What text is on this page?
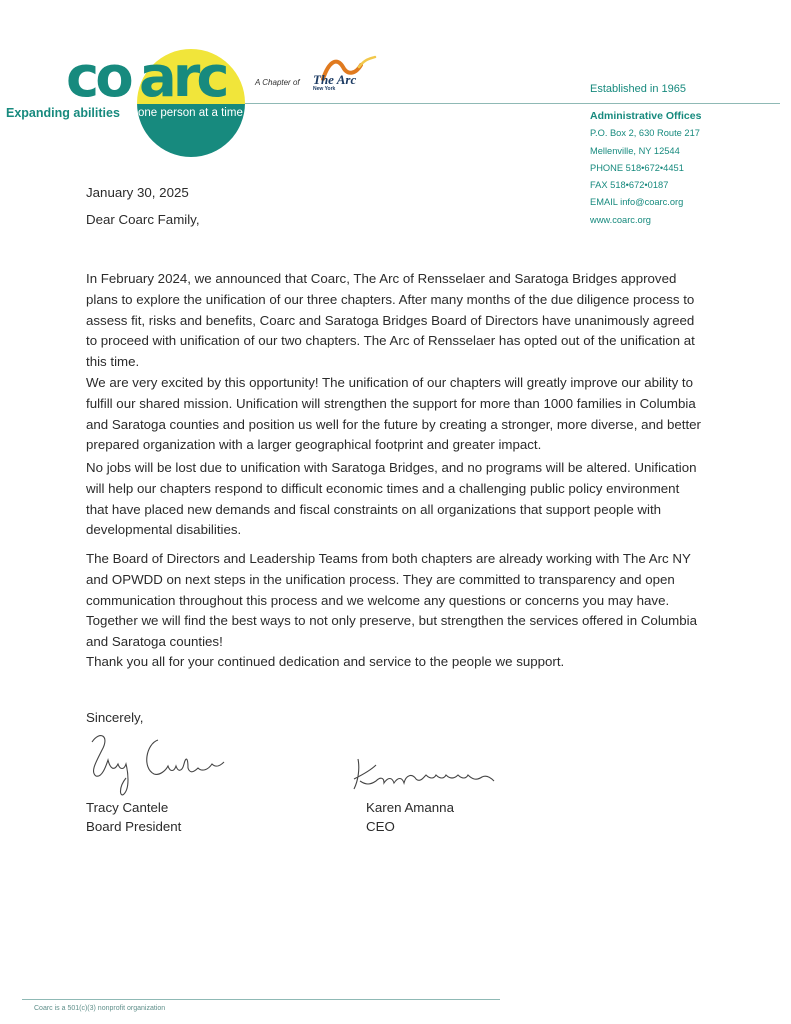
co arc
Expanding abilities one person at a time
A Chapter of The Arc
New York	Established in 1965
Administrative Offices
P.O. Box 2, 630 Route 217
Mellenville, NY 12544
PHONE 518•672•4451
FAX 518•672•0187
EMAIL info@coarc.org
www.coarc.org
January 30, 2025
Dear Coarc Family,
In February 2024, we announced that Coarc, The Arc of Rensselaer and Saratoga Bridges approved plans to explore the unification of our three chapters. After many months of the due diligence process to assess fit, risks and benefits, Coarc and Saratoga Bridges Board of Directors have unanimously agreed to proceed with unification of our two chapters. The Arc of Rensselaer has opted out of the unification at this time.
We are very excited by this opportunity! The unification of our chapters will greatly improve our ability to fulfill our shared mission. Unification will strengthen the support for more than 1000 families in Columbia and Saratoga counties and position us well for the future by creating a stronger, more diverse, and better prepared organization with a larger geographical footprint and greater impact.
No jobs will be lost due to unification with Saratoga Bridges, and no programs will be altered. Unification will help our chapters respond to difficult economic times and a challenging public policy environment that have placed new demands and fiscal constraints on all organizations that support people with developmental disabilities.
The Board of Directors and Leadership Teams from both chapters are already working with The Arc NY and OPWDD on next steps in the unification process. They are committed to transparency and open communication throughout this process and we welcome any questions or concerns you may have. Together we will find the best ways to not only preserve, but strengthen the services offered in Columbia and Saratoga counties!
Thank you all for your continued dedication and service to the people we support.
Sincerely,
Tracy Cantele
Board President
Karen Amanna
CEO
Coarc is a 501(c)(3) nonprofit organization
